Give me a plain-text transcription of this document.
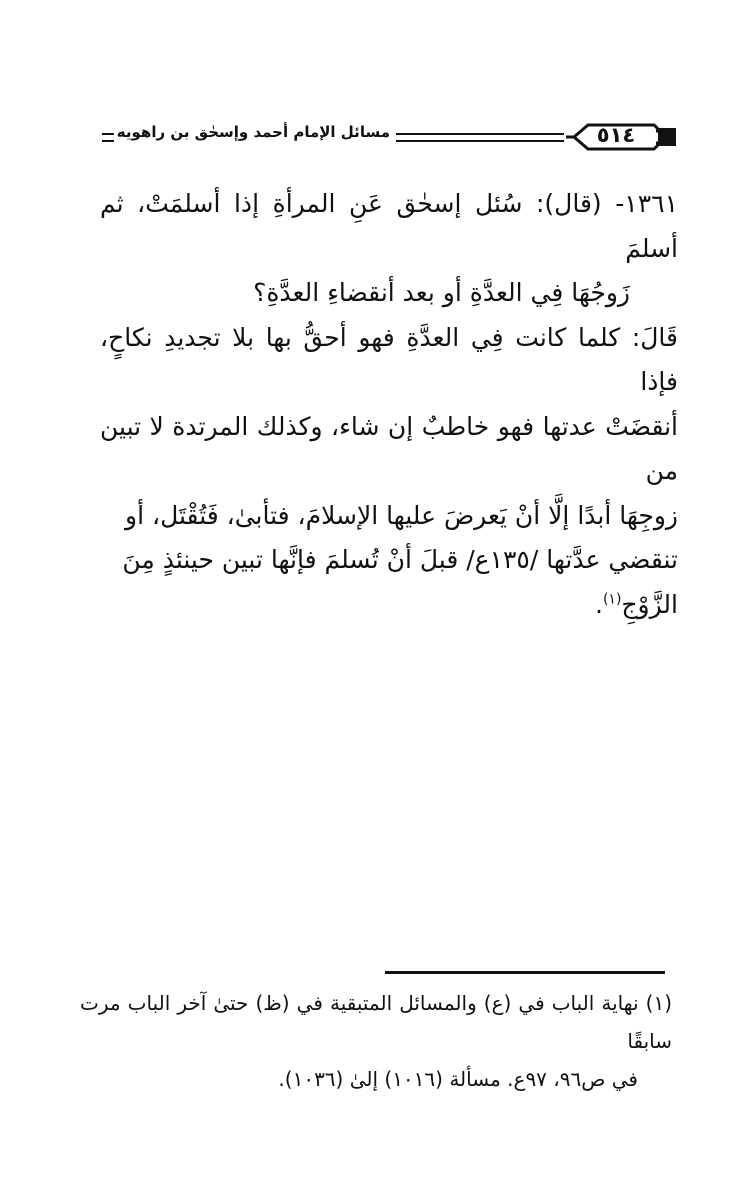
٥١٤
مسائل الإمام أحمد وإسحٰق بن راهويه

١٣٦١- (قال): سُئل إسحٰق عَنِ المرأةِ إذا أسلمَتْ، ثم أسلمَ

زَوجُهَا فِي العدَّةِ أو بعد أنقضاءِ العدَّةِ؟

قَالَ: كلما كانت فِي العدَّةِ فهو أحقُّ بها بلا تجديدِ نكاحٍ، فإذا

أنقضَتْ عدتها فهو خاطبٌ إن شاء، وكذلك المرتدة لا تبين من

زوجِهَا أبدًا إلَّا أنْ يَعرضَ عليها الإسلامَ، فتأبىٰ، فَتُقْتَل، أو

تنقضي عدَّتها /١٣٥ع/ قبلَ أنْ تُسلمَ فإنَّها تبين حينئذٍ مِنَ

الزَّوْجِ$^{(١)}$.

(١) نهاية الباب في (ع) والمسائل المتبقية في (ظ) حتىٰ آخر الباب مرت سابقًا
في ص٩٦، ٩٧ع. مسألة (١٠١٦) إلىٰ (١٠٣٦).
